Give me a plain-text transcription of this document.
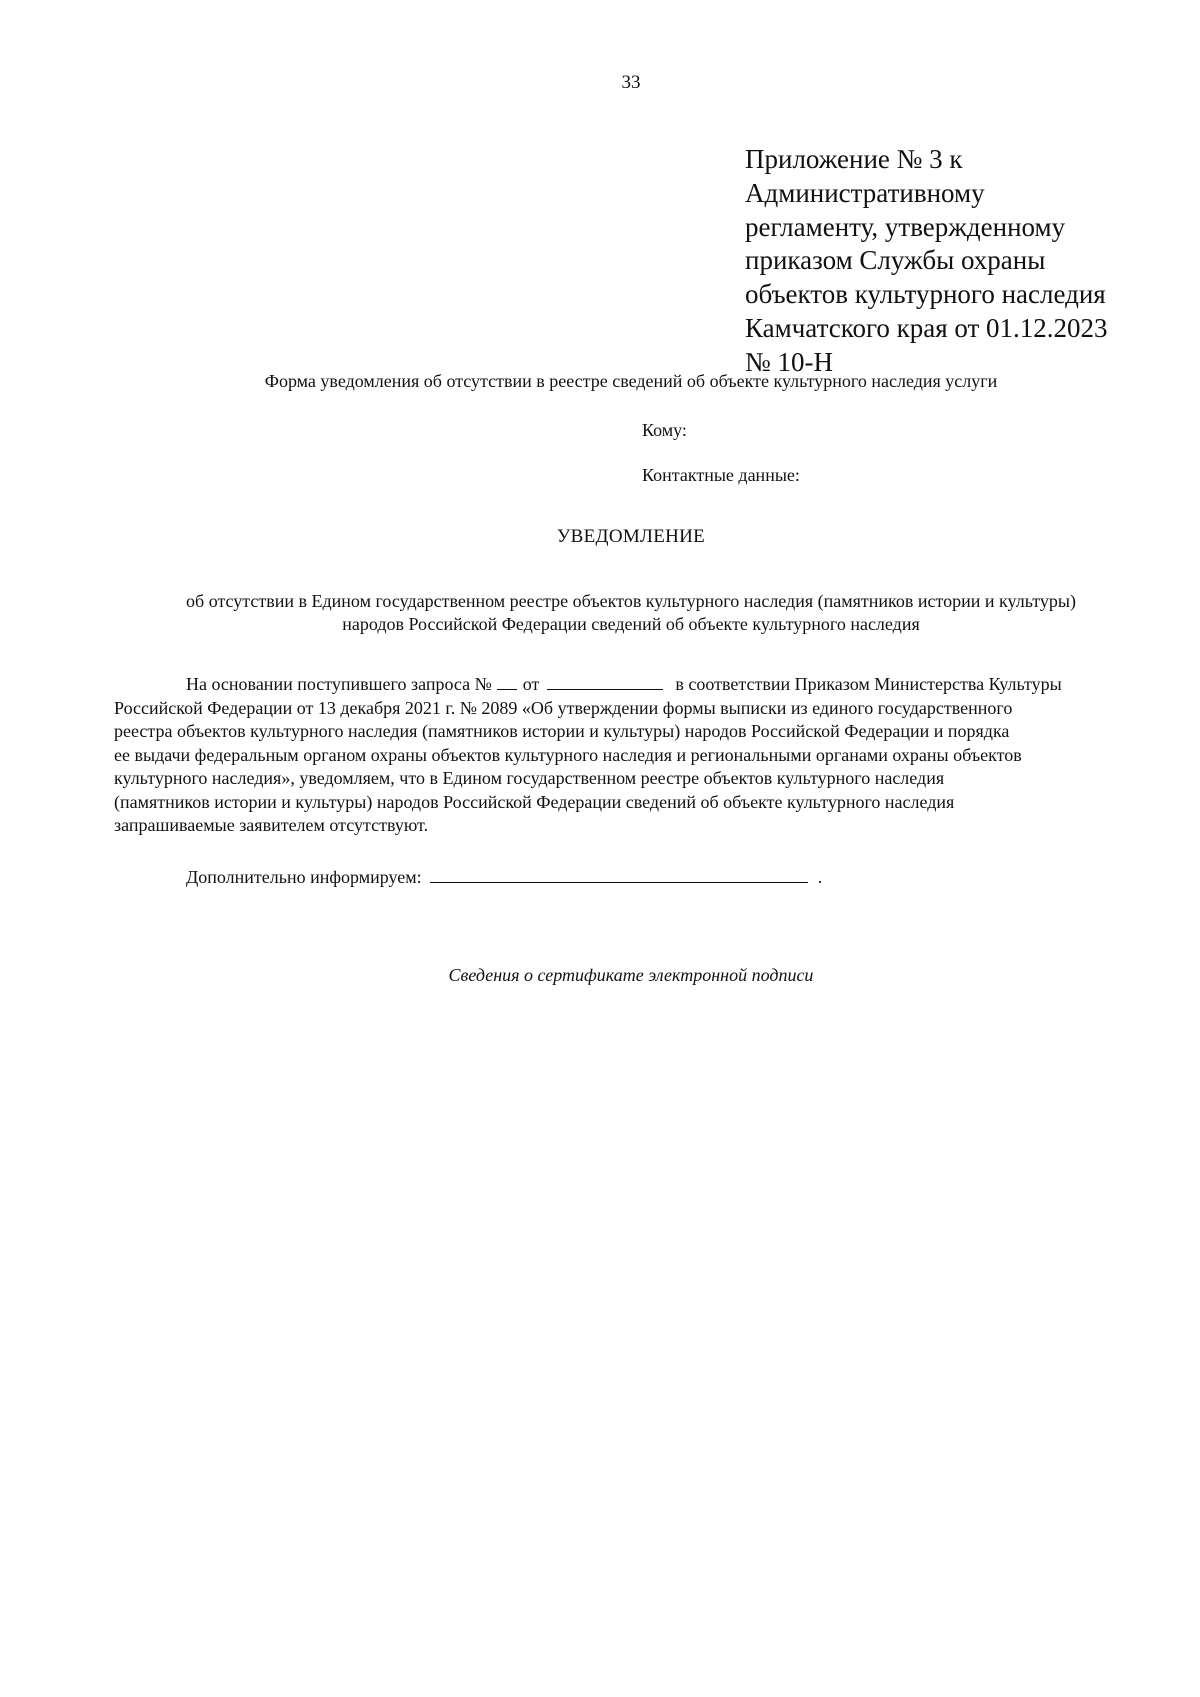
33
Приложение № 3 к
Административному
регламенту, утвержденному
приказом Службы охраны
объектов культурного наследия
Камчатского края от 01.12.2023
№ 10-Н
Форма уведомления об отсутствии в реестре сведений об объекте культурного наследия услуги
Кому:
Контактные данные:
УВЕДОМЛЕНИЕ
об отсутствии в Едином государственном реестре объектов культурного наследия (памятников истории и культуры)
народов Российской Федерации сведений об объекте культурного наследия
На основании поступившего запроса № от	в соответствии Приказом Министерства Культуры
Российской Федерации от 13 декабря 2021 г. № 2089 «Об утверждении формы выписки из единого государственного
реестра объектов культурного наследия (памятников истории и культуры) народов Российской Федерации и порядка
ее выдачи федеральным органом охраны объектов культурного наследия и региональными органами охраны объектов
культурного наследия», уведомляем, что в Едином государственном реестре объектов культурного наследия
(памятников истории и культуры) народов Российской Федерации сведений об объекте культурного наследия
запрашиваемые заявителем отсутствуют.
Дополнительно информируем:	.
Сведения о сертификате электронной подписи
